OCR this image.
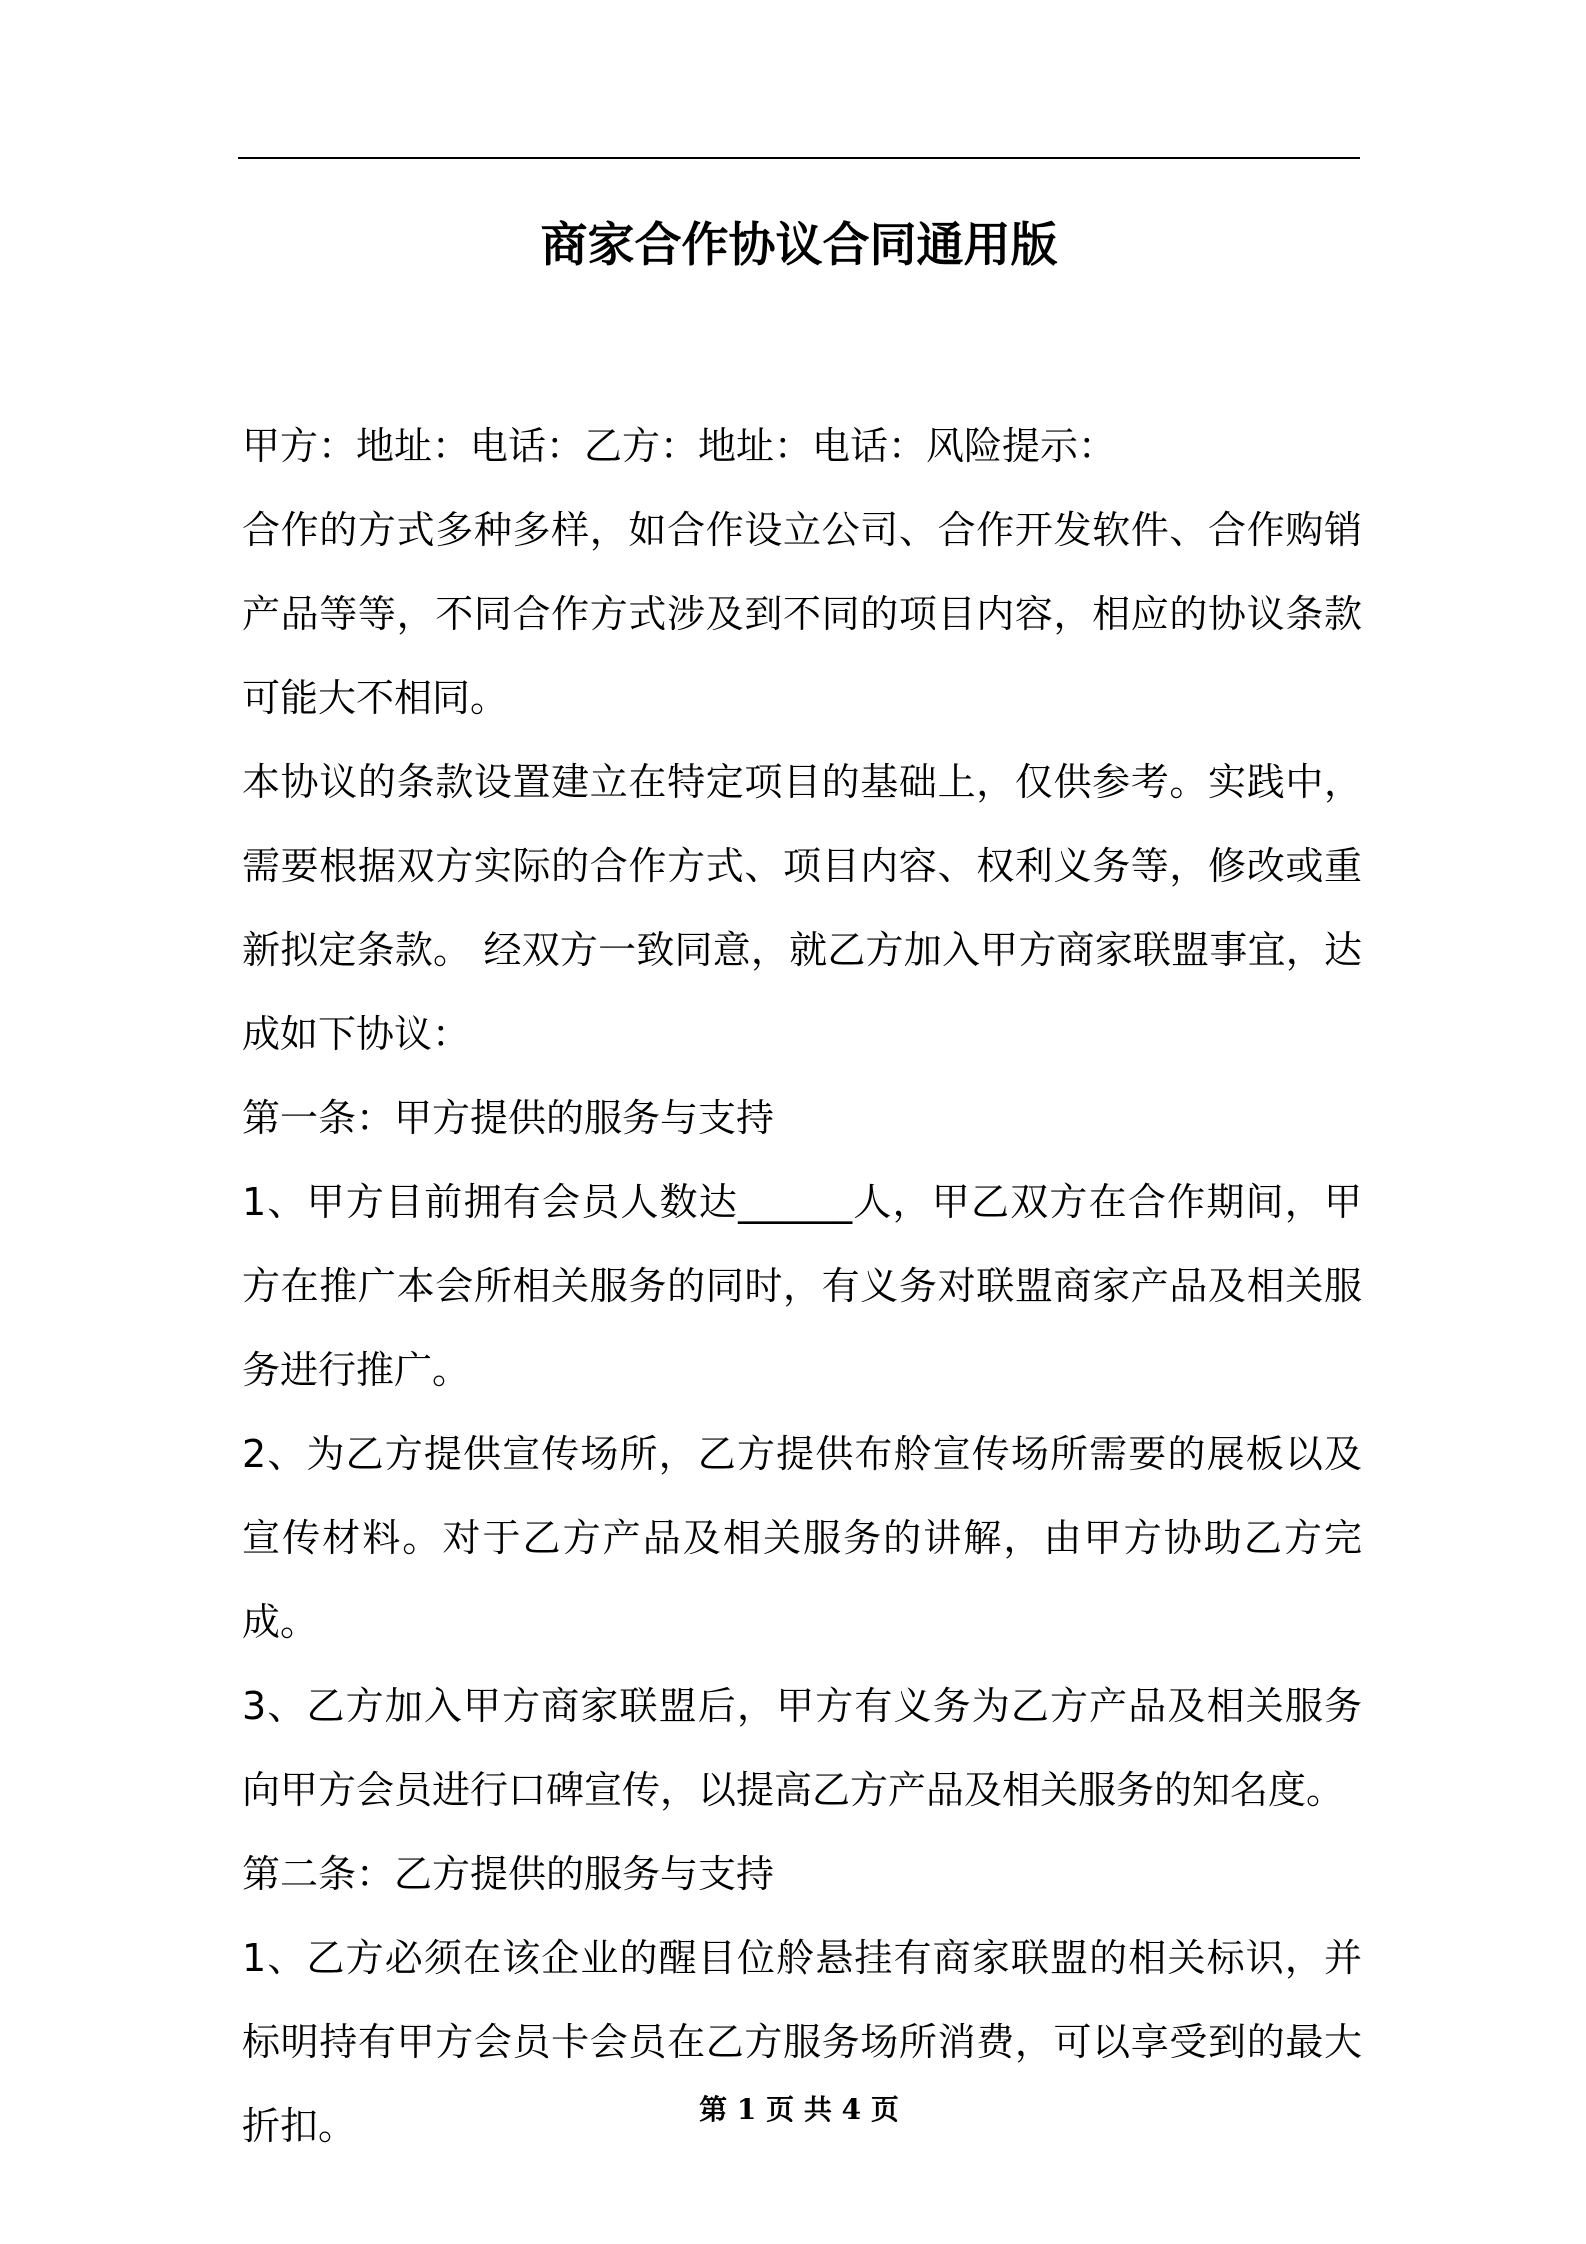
商家合作协议合同通用版

甲方：地址：电话：乙方：地址：电话：风险提示：

合作的方式多种多样，如合作设立公司、合作开发软件、合作购销产品等等，不同合作方式涉及到不同的项目内容，相应的协议条款可能大不相同。

本协议的条款设置建立在特定项目的基础上，仅供参考。实践中，需要根据双方实际的合作方式、项目内容、权利义务等，修改或重新拟定条款。 经双方一致同意，就乙方加入甲方商家联盟事宜，达成如下协议：

第一条：甲方提供的服务与支持

1、甲方目前拥有会员人数达______人，甲乙双方在合作期间，甲方在推广本会所相关服务的同时，有义务对联盟商家产品及相关服务进行推广。

2、为乙方提供宣传场所，乙方提供布舲宣传场所需要的展板以及宣传材料。对于乙方产品及相关服务的讲解，由甲方协助乙方完成。

3、乙方加入甲方商家联盟后，甲方有义务为乙方产品及相关服务向甲方会员进行口碑宣传，以提高乙方产品及相关服务的知名度。

第二条：乙方提供的服务与支持

1、乙方必须在该企业的醒目位舲悬挂有商家联盟的相关标识，并标明持有甲方会员卡会员在乙方服务场所消费，可以享受到的最大折扣。	第 1 页 共 4 页
